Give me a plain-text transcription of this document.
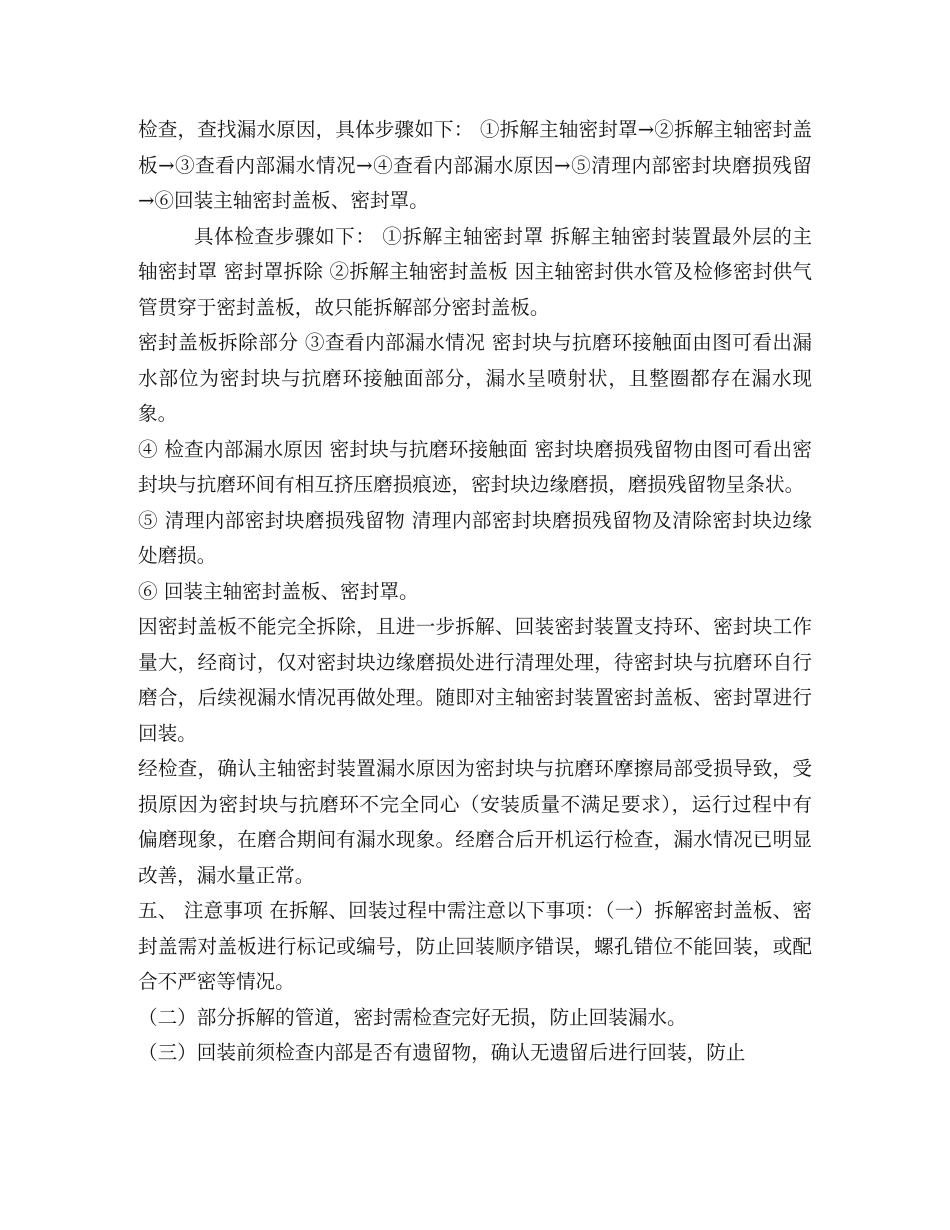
检查，查找漏水原因，具体步骤如下： ①拆解主轴密封罩→②拆解主轴密封盖板→③查看内部漏水情况→④查看内部漏水原因→⑤清理内部密封块磨损残留→⑥回装主轴密封盖板、密封罩。

具体检查步骤如下： ①拆解主轴密封罩 拆解主轴密封装置最外层的主轴密封罩 密封罩拆除 ②拆解主轴密封盖板 因主轴密封供水管及检修密封供气管贯穿于密封盖板，故只能拆解部分密封盖板。

密封盖板拆除部分 ③查看内部漏水情况 密封块与抗磨环接触面由图可看出漏水部位为密封块与抗磨环接触面部分，漏水呈喷射状，且整圈都存在漏水现象。

④ 检查内部漏水原因 密封块与抗磨环接触面 密封块磨损残留物由图可看出密封块与抗磨环间有相互挤压磨损痕迹，密封块边缘磨损，磨损残留物呈条状。

⑤ 清理内部密封块磨损残留物 清理内部密封块磨损残留物及清除密封块边缘处磨损。

⑥ 回装主轴密封盖板、密封罩。

因密封盖板不能完全拆除，且进一步拆解、回装密封装置支持环、密封块工作量大，经商讨，仅对密封块边缘磨损处进行清理处理，待密封块与抗磨环自行磨合，后续视漏水情况再做处理。随即对主轴密封装置密封盖板、密封罩进行回装。

经检查，确认主轴密封装置漏水原因为密封块与抗磨环摩擦局部受损导致，受损原因为密封块与抗磨环不完全同心（安装质量不满足要求），运行过程中有偏磨现象，在磨合期间有漏水现象。经磨合后开机运行检查，漏水情况已明显改善，漏水量正常。

五、 注意事项 在拆解、回装过程中需注意以下事项：（一）拆解密封盖板、密封盖需对盖板进行标记或编号，防止回装顺序错误，螺孔错位不能回装，或配合不严密等情况。

（二）部分拆解的管道，密封需检查完好无损，防止回装漏水。

（三）回装前须检查内部是否有遗留物，确认无遗留后进行回装，防止
